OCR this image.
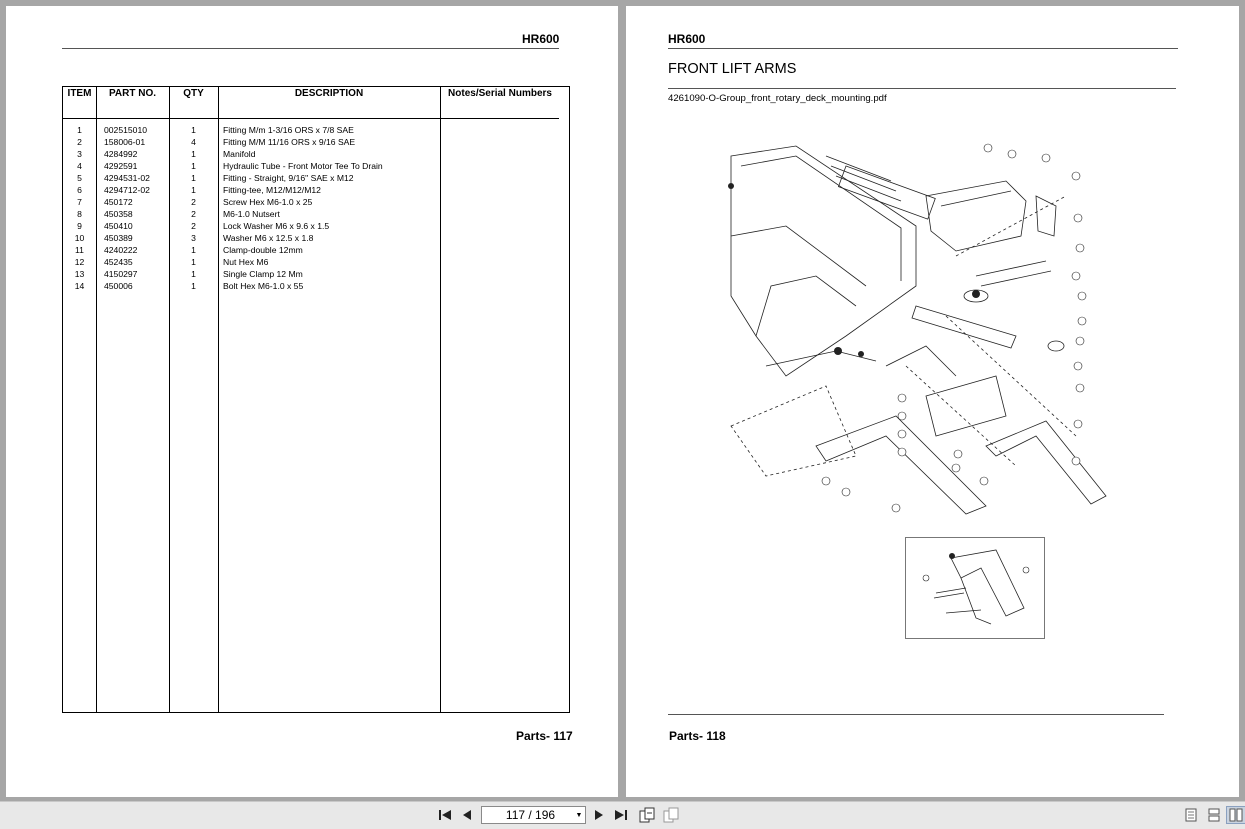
HR600
ITEM	PART NO.	QTY	DESCRIPTION	Notes/Serial Numbers
1	002515010	1	Fitting M/m 1-3/16 ORS x 7/8 SAE
2	158006-01	4	Fitting M/M 11/16 ORS x 9/16 SAE
3	4284992	1	Manifold
4	4292591	1	Hydraulic Tube - Front Motor Tee To Drain
5	4294531-02	1	Fitting - Straight, 9/16" SAE x M12
6	4294712-02	1	Fitting-tee, M12/M12/M12
7	450172	2	Screw Hex M6-1.0 x 25
8	450358	2	M6-1.0 Nutsert
9	450410	2	Lock Washer M6 x 9.6 x 1.5
10	450389	3	Washer M6 x 12.5 x 1.8
11	4240222	1	Clamp-double 12mm
12	452435	1	Nut Hex M6
13	4150297	1	Single Clamp 12 Mm
14	450006	1	Bolt Hex M6-1.0 x 55
Parts- 117
HR600
FRONT LIFT ARMS
4261090-O-Group_front_rotary_deck_mounting.pdf
Parts- 118
117 / 196	▼
